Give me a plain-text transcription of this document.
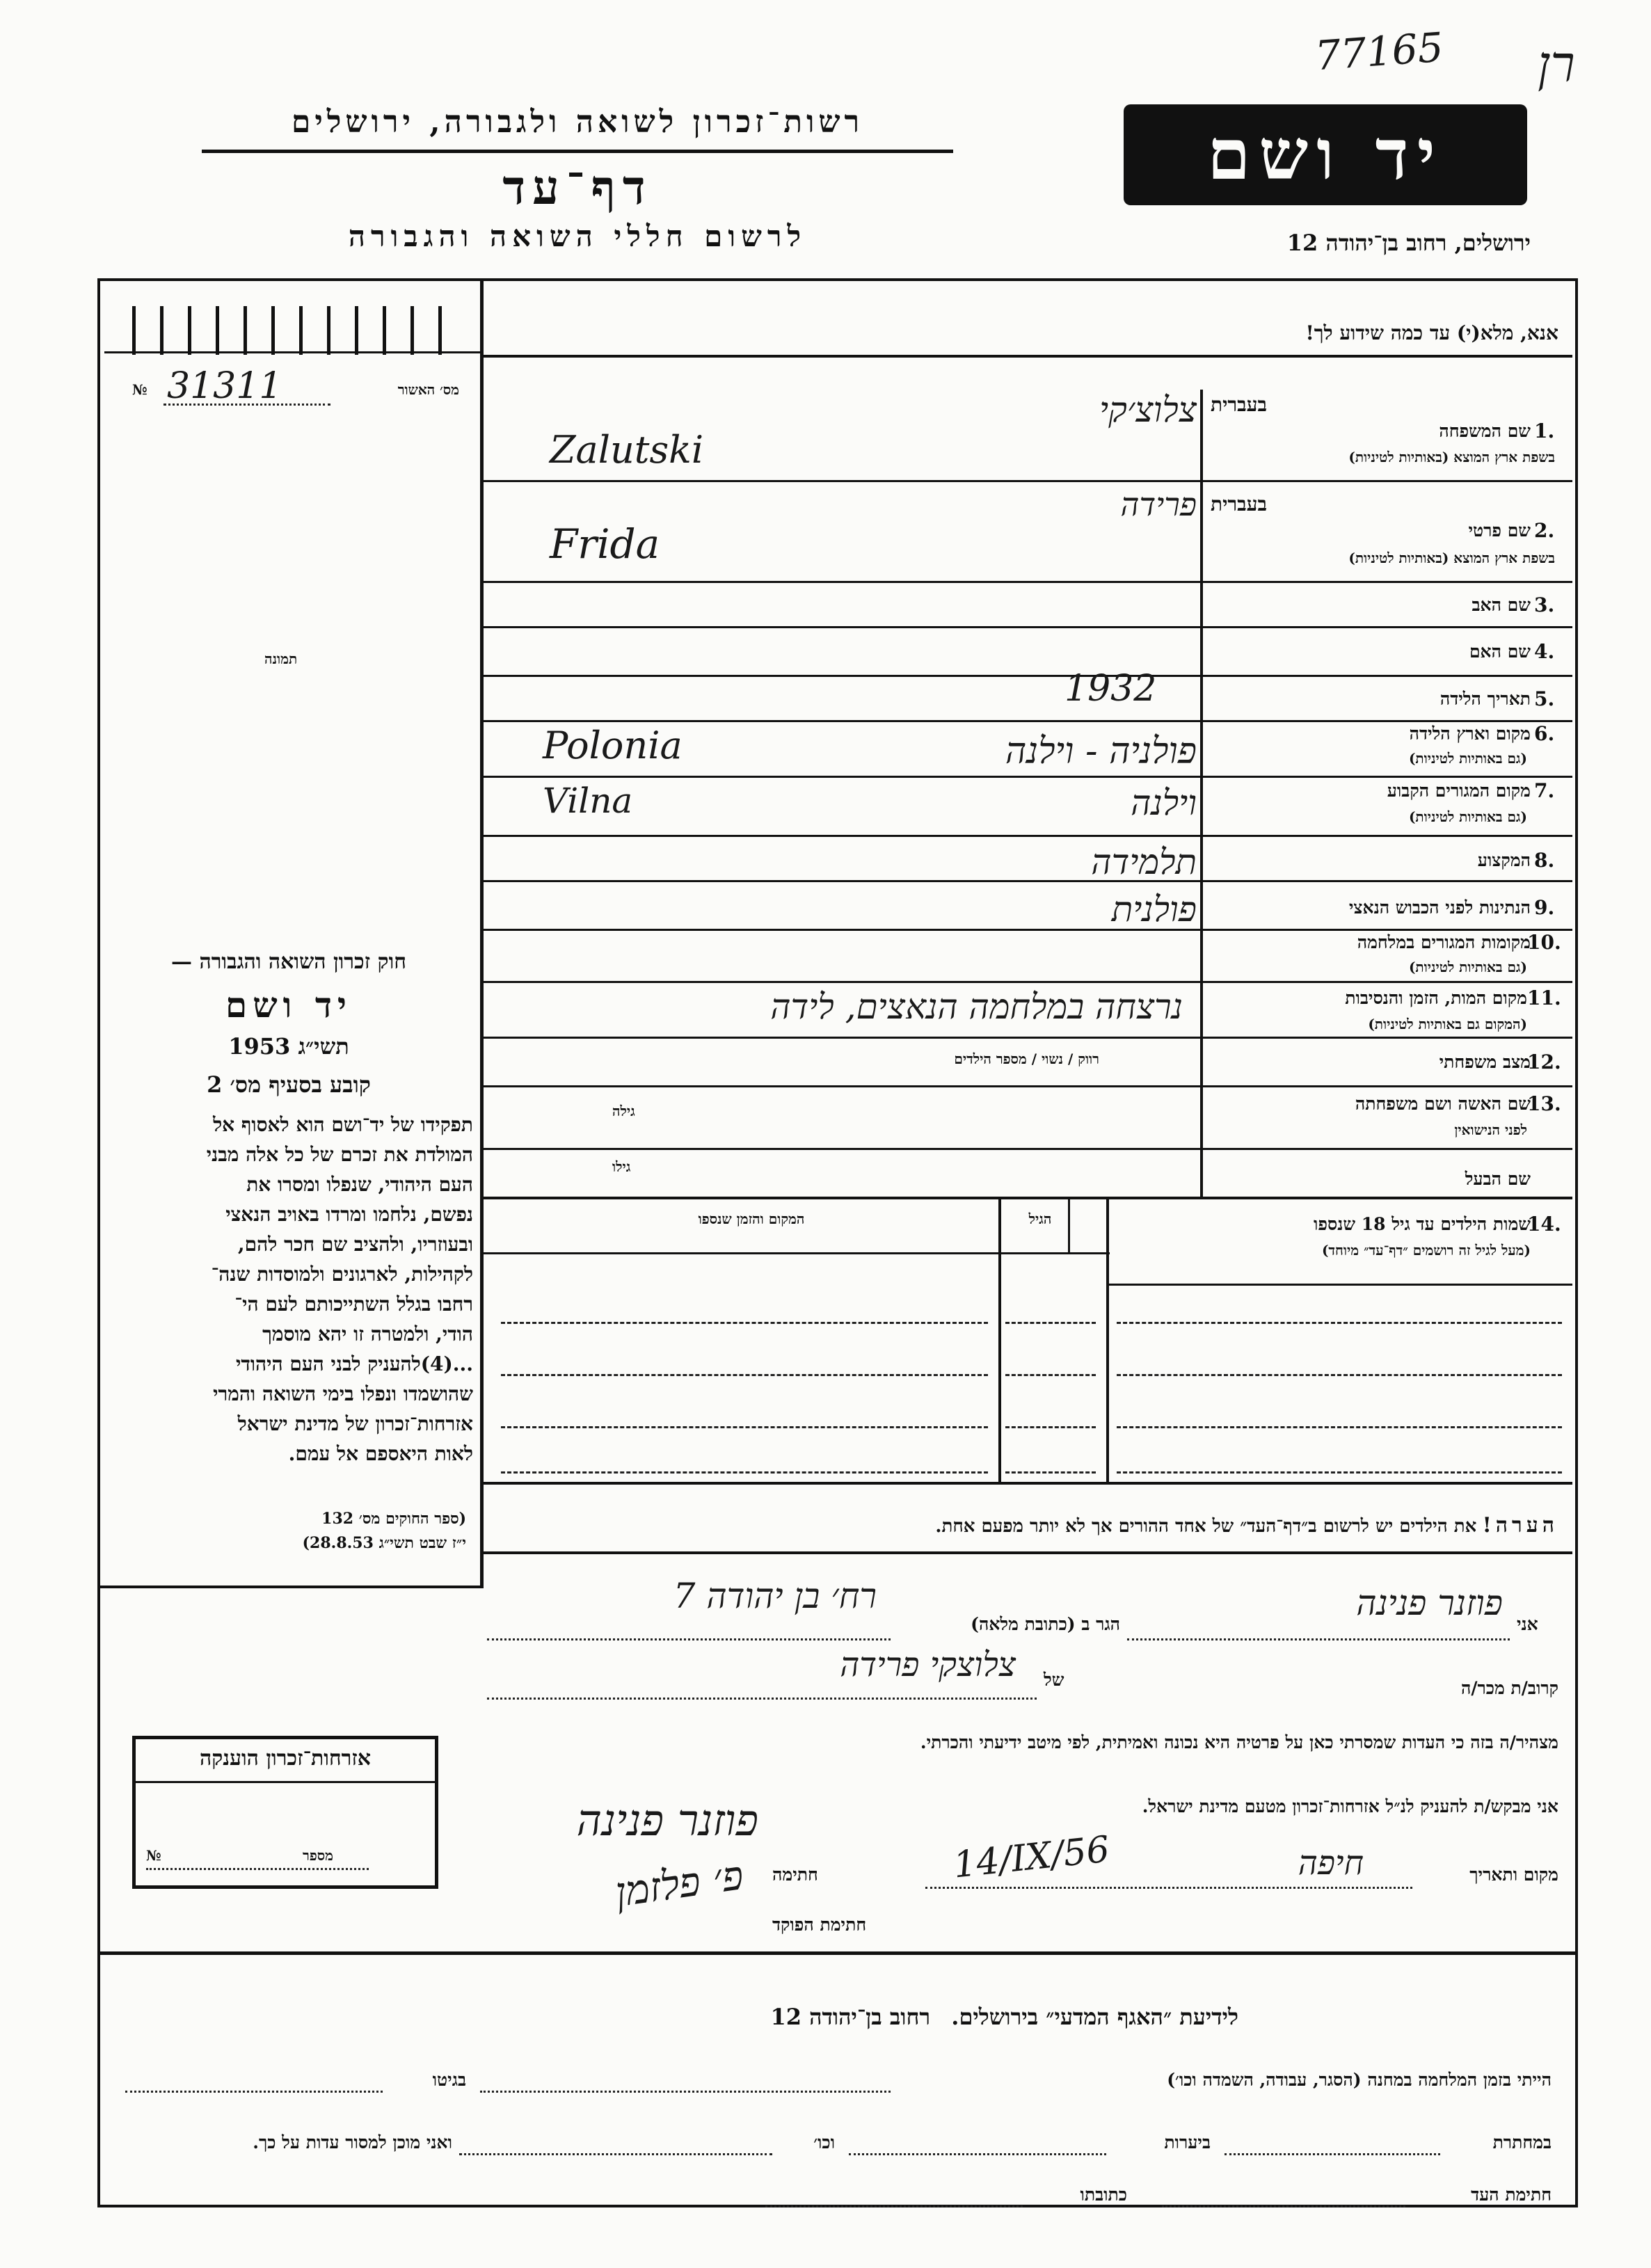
77165 רן
רשות־זכרון לשואה ולגבורה, ירושלים
דף־עד
לרשום חללי השואה והגבורה
יד ושם
ירושלים, רחוב בן־יהודה 12
מס׳ האשור
№ 31311
תמונה
חוק זכרון השואה והגבורה —
יד ושם
תשי״ג 1953
קובע בסעיף מס׳ 2
תפקידו של יד־ושם הוא לאסוף אל
המולדת את זכרם של כל אלה מבני
העם היהודי, שנפלו ומסרו את
נפשם, נלחמו ומרדו באויב הנאצי
ובעוזריו, ולהציב שם חכר להם,
לקהילות, לארגונים ולמוסדות שנה־
רחבו בגלל השתייכותם לעם הי־
הודי, ולמטרה זו יהא מוסמך
...(4)להעניק לבני העם היהודי
שהושמדו ונפלו בימי השואה והמרי
אזרחות־זכרון של מדינת ישראל
לאות היאספם אל עמם.
(ספר החוקים מס׳ 132
י״ז שבט תשי״ג 28.8.53)
אזרחות־זכרון הוענקה
מספר
№
אנא, מלא(י) עד כמה שידוע לך!
בעברית
בעברית
שם המשפחה 1.
בשפת ארץ המוצא (באותיות לטיניות)
שם פרטי 2.
בשפת ארץ המוצא (באותיות לטיניות)
שם האב 3.
שם האם 4.
תאריך הלידה 5.
מקום וארץ הלידה 6.
(גם באותיות לטיניות)
מקום המגורים הקבוע 7.
(גם באותיות לטיניות)
המקצוע 8.
הנתינות לפני הכבוש הנאצי 9.
מקומות המגורים במלחמה
10.
(גם באותיות לטיניות)
מקום המות, הזמן והנסיבות 11.
(המקום גם באותיות לטיניות)
מצב משפחתי
12.
שם האשה ושם משפחתה
13.
לפני הנישואין
שם הבעל
צלוצ׳קי
Zalutski
פרידה
Frida
1932
Polonia	פולניה - וילנה
Vilna	וילנה
תלמידה
פולנית
נרצחה במלחמה הנאצים, לידה
רווק / נשוי / מספר הילדים
גילה
גילו
שמות הילדים עד גיל 18 שנספו
14.
(מעל לגיל זה רושמים ״דף־עד״ מיוחד)
הגיל
המקום והזמן שנספו
הערה! את הילדים יש לרשום ב״דף־העד״ של אחד ההורים אך לא יותר מפעם אחת.
אני
פוזנר פנינה
הגר ב (כתובת מלאה)
רח׳ בן יהודה 7
קרוב/ת מכר/ה
של
צלוצקי פרידה
מצהיר/ה בזה כי העדות שמסרתי כאן על פרטיה היא נכונה ואמיתית, לפי מיטב ידיעתי והכרתי.
אני מבקש/ת להעניק לנ״ל אזרחות־זכרון מטעם מדינת ישראל.
מקום ותאריך
חיפה
14/IX/56
חתימה
פוזנר פנינה
חתימת הפוקד
פ׳ פלזמן
לידיעת ״האגף המדעי״ בירושלים. רחוב בן־יהודה 12
הייתי בזמן המלחמה במחנה (הסגר, עבודה, השמדה וכו׳)
בגיטו
במחתרת
ביערות
וכו׳
ואני מוכן למסור עדות על כך.
חתימת העד
כתובתו
